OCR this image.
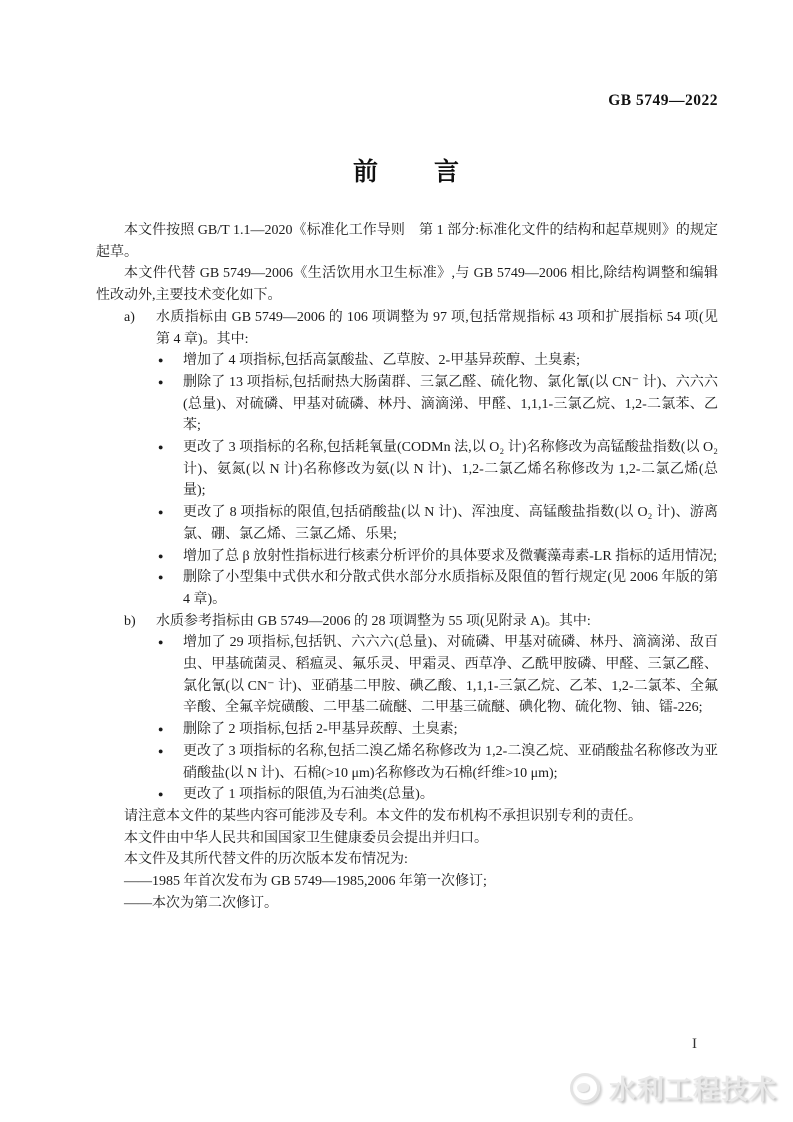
GB 5749—2022
前　　言
本文件按照 GB/T 1.1—2020《标准化工作导则　第 1 部分:标准化文件的结构和起草规则》的规定起草。
本文件代替 GB 5749—2006《生活饮用水卫生标准》,与 GB 5749—2006 相比,除结构调整和编辑性改动外,主要技术变化如下。
a) 水质指标由 GB 5749—2006 的 106 项调整为 97 项,包括常规指标 43 项和扩展指标 54 项(见第 4 章)。其中:
● 增加了 4 项指标,包括高氯酸盐、乙草胺、2-甲基异莰醇、土臭素;
● 删除了 13 项指标,包括耐热大肠菌群、三氯乙醛、硫化物、氯化氰(以 CN⁻ 计)、六六六(总量)、对硫磷、甲基对硫磷、林丹、滴滴涕、甲醛、1,1,1-三氯乙烷、1,2-二氯苯、乙苯;
● 更改了 3 项指标的名称,包括耗氧量(CODMn 法,以 O₂ 计)名称修改为高锰酸盐指数(以 O₂ 计)、氨氮(以 N 计)名称修改为氨(以 N 计)、1,2-二氯乙烯名称修改为 1,2-二氯乙烯(总量);
● 更改了 8 项指标的限值,包括硝酸盐(以 N 计)、浑浊度、高锰酸盐指数(以 O₂ 计)、游离氯、硼、氯乙烯、三氯乙烯、乐果;
● 增加了总 β 放射性指标进行核素分析评价的具体要求及微囊藻毒素-LR 指标的适用情况;
● 删除了小型集中式供水和分散式供水部分水质指标及限值的暂行规定(见 2006 年版的第 4 章)。
b) 水质参考指标由 GB 5749—2006 的 28 项调整为 55 项(见附录 A)。其中:
● 增加了 29 项指标,包括钒、六六六(总量)、对硫磷、甲基对硫磷、林丹、滴滴涕、敌百虫、甲基硫菌灵、稻瘟灵、氟乐灵、甲霜灵、西草净、乙酰甲胺磷、甲醛、三氯乙醛、氯化氰(以 CN⁻ 计)、亚硝基二甲胺、碘乙酸、1,1,1-三氯乙烷、乙苯、1,2-二氯苯、全氟辛酸、全氟辛烷磺酸、二甲基二硫醚、二甲基三硫醚、碘化物、硫化物、铀、镭-226;
● 删除了 2 项指标,包括 2-甲基异莰醇、土臭素;
● 更改了 3 项指标的名称,包括二溴乙烯名称修改为 1,2-二溴乙烷、亚硝酸盐名称修改为亚硝酸盐(以 N 计)、石棉(>10 μm)名称修改为石棉(纤维>10 μm);
● 更改了 1 项指标的限值,为石油类(总量)。
请注意本文件的某些内容可能涉及专利。本文件的发布机构不承担识别专利的责任。
本文件由中华人民共和国国家卫生健康委员会提出并归口。
本文件及其所代替文件的历次版本发布情况为:
——1985 年首次发布为 GB 5749—1985,2006 年第一次修订;
——本次为第二次修订。
I
水利工程技术
